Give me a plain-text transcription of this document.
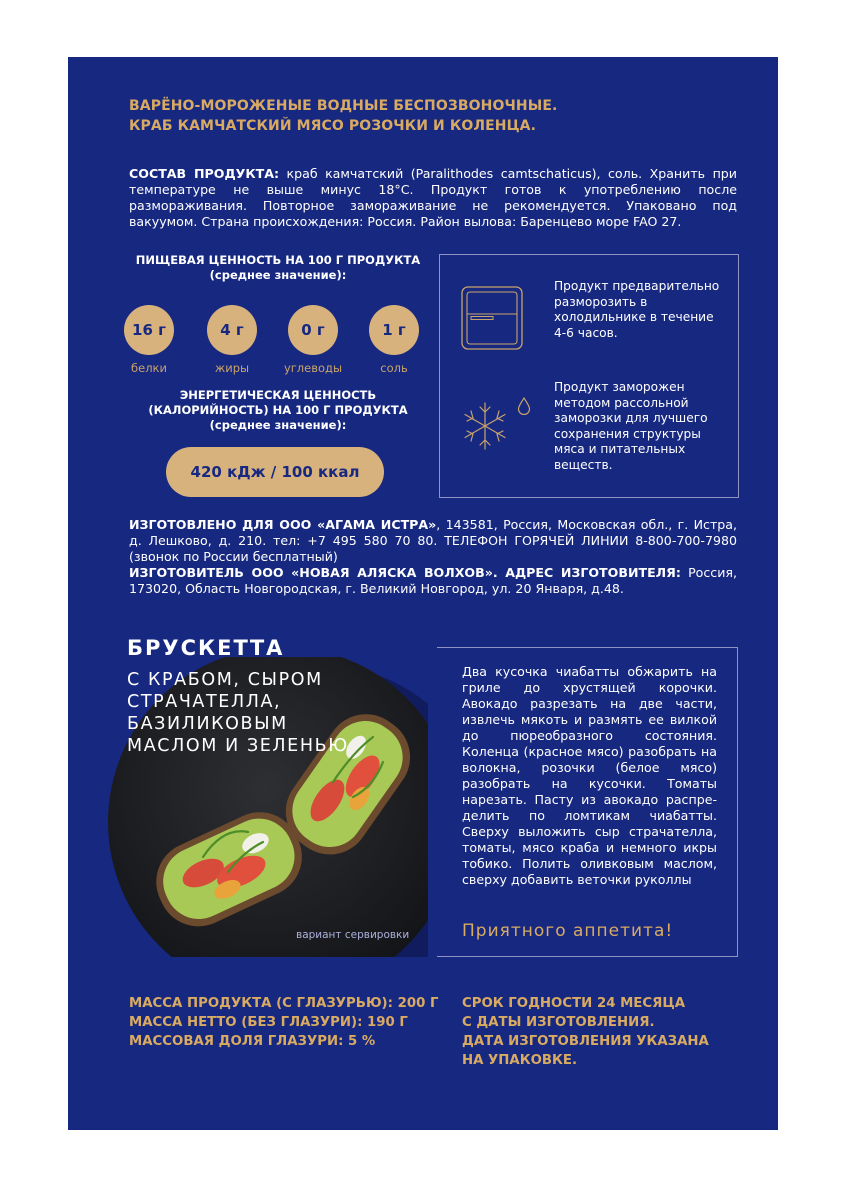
ВАРЁНО-МОРОЖЕНЫЕ ВОДНЫЕ БЕСПОЗВОНОЧНЫЕ.
КРАБ КАМЧАТСКИЙ МЯСО РОЗОЧКИ И КОЛЕНЦА.
СОСТАВ ПРОДУКТА: краб камчатский (Paralithodes camtschaticus), соль. Хранить при температуре не выше минус 18°С. Продукт готов к употреблению после размораживания. Повторное замораживание не рекомендуется. Упаковано под вакуумом. Страна происхождения: Россия. Район вылова: Баренцево море FAO 27.
ПИЩЕВАЯ ЦЕННОСТЬ НА 100 Г ПРОДУКТА
(среднее значение):
16 г	4 г	0 г	1 г
белки	жиры	углеводы	соль
ЭНЕРГЕТИЧЕСКАЯ ЦЕННОСТЬ
(КАЛОРИЙНОСТЬ) НА 100 Г ПРОДУКТА
(среднее значение):
420 кДж / 100 ккал
Продукт предварительно разморозить в холодильнике в течение 4-6 часов.
Продукт заморожен методом рассольной заморозки для лучшего сохранения структуры мяса и питательных веществ.
ИЗГОТОВЛЕНО ДЛЯ ООО «АГАМА ИСТРА», 143581, Россия, Московская обл., г. Истра, д. Лешково, д. 210. тел: +7 495 580 70 80. ТЕЛЕФОН ГОРЯЧЕЙ ЛИНИИ 8-800-700-7980 (звонок по России бесплатный)
ИЗГОТОВИТЕЛЬ ООО «НОВАЯ АЛЯСКА ВОЛХОВ». АДРЕС ИЗГОТОВИТЕЛЯ: Россия, 173020, Область Новгородская, г. Великий Новгород, ул. 20 Января, д.48.
БРУСКЕТТА
С КРАБОМ, СЫРОМ
СТРАЧАТЕЛЛА,
БАЗИЛИКОВЫМ
МАСЛОМ И ЗЕЛЕНЬЮ
Два кусочка чиабатты обжарить на гриле до хрустящей корочки. Авокадо разрезать на две части, извлечь мякоть и размять ее вилкой до пюреобразного состояния. Коленца (красное мясо) разобрать на волокна, розочки (белое мясо) разобрать на кусочки. Томаты нарезать. Пасту из авокадо распре-делить по ломтикам чиабатты. Сверху выложить сыр страчателла, томаты, мясо краба и немного икры тобико. Полить оливковым маслом, сверху добавить веточки руколлы
Приятного аппетита!
вариант сервировки
МАССА ПРОДУКТА (С ГЛАЗУРЬЮ): 200 Г
МАССА НЕТТО (БЕЗ ГЛАЗУРИ): 190 Г
МАССОВАЯ ДОЛЯ ГЛАЗУРИ: 5 %
СРОК ГОДНОСТИ 24 МЕСЯЦА
С ДАТЫ ИЗГОТОВЛЕНИЯ.
ДАТА ИЗГОТОВЛЕНИЯ УКАЗАНА
НА УПАКОВКЕ.
